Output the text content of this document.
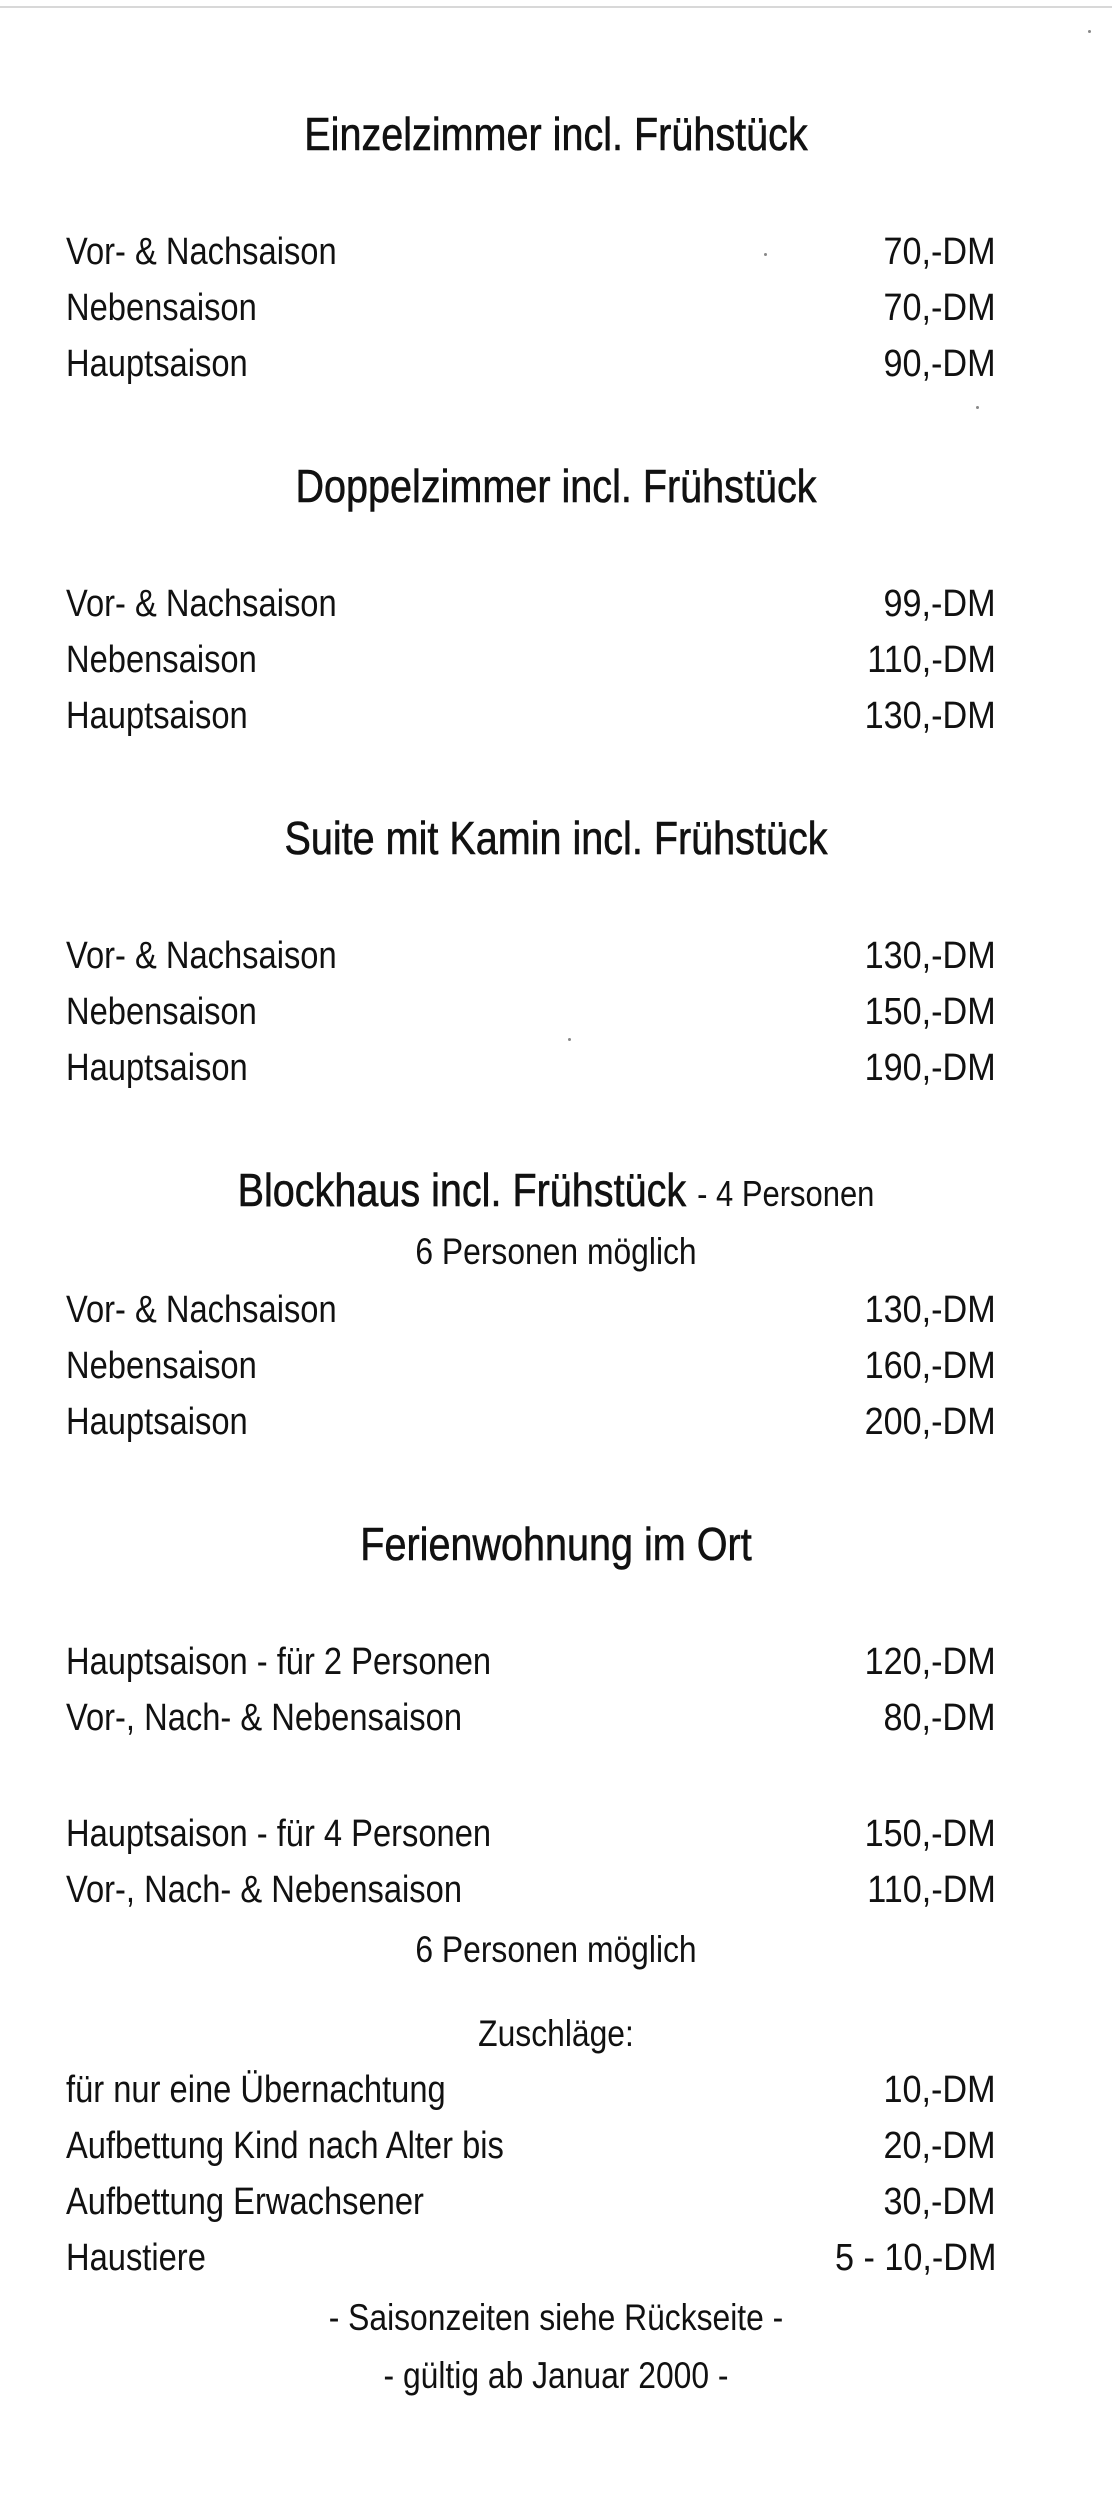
Einzelzimmer incl. Frühstück
Vor- & Nachsaison	70,-DM
Nebensaison	70,-DM
Hauptsaison	90,-DM
Doppelzimmer incl. Frühstück
Vor- & Nachsaison	99,-DM
Nebensaison	110,-DM
Hauptsaison	130,-DM
Suite mit Kamin incl. Frühstück
Vor- & Nachsaison	130,-DM
Nebensaison	150,-DM
Hauptsaison	190,-DM
Blockhaus incl. Frühstück - 4 Personen
6 Personen möglich
Vor- & Nachsaison	130,-DM
Nebensaison	160,-DM
Hauptsaison	200,-DM
Ferienwohnung im Ort
Hauptsaison - für 2 Personen	120,-DM
Vor-, Nach- & Nebensaison	80,-DM
Hauptsaison - für 4 Personen	150,-DM
Vor-, Nach- & Nebensaison	110,-DM
6 Personen möglich
Zuschläge:
für nur eine Übernachtung	10,-DM
Aufbettung Kind nach Alter bis	20,-DM
Aufbettung Erwachsener	30,-DM
Haustiere	5 - 10,-DM
- Saisonzeiten siehe Rückseite -
- gültig ab Januar 2000 -
